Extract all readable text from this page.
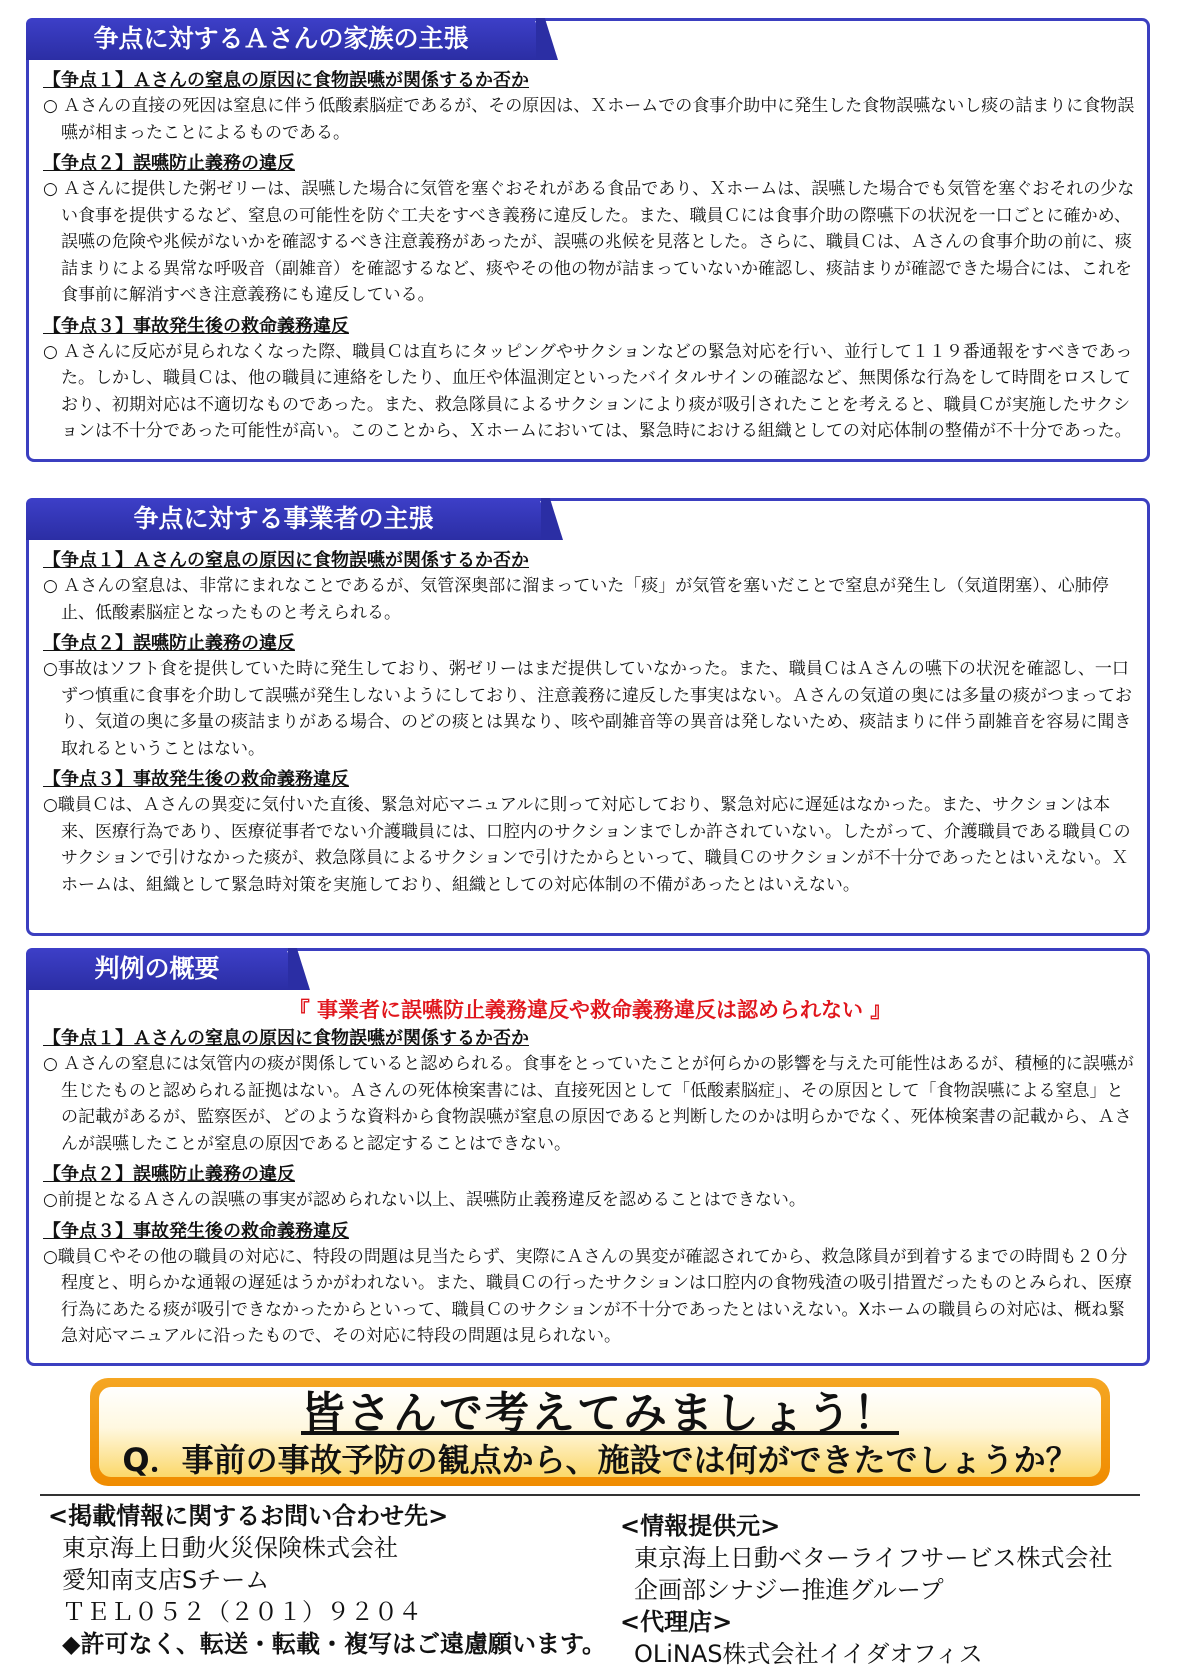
争点に対するＡさんの家族の主張
【争点１】Ａさんの窒息の原因に食物誤嚥が関係するか否か
○ Ａさんの直接の死因は窒息に伴う低酸素脳症であるが、その原因は、Ｘホームでの食事介助中に発生した食物誤嚥ないし痰の詰まりに食物誤嚥が相まったことによるものである。
【争点２】誤嚥防止義務の違反
○ Ａさんに提供した粥ゼリーは、誤嚥した場合に気管を塞ぐおそれがある食品であり、Ｘホームは、誤嚥した場合でも気管を塞ぐおそれの少ない食事を提供するなど、窒息の可能性を防ぐ工夫をすべき義務に違反した。また、職員Ｃには食事介助の際嚥下の状況を一口ごとに確かめ、誤嚥の危険や兆候がないかを確認するべき注意義務があったが、誤嚥の兆候を見落とした。さらに、職員Ｃは、Ａさんの食事介助の前に、痰詰まりによる異常な呼吸音（副雑音）を確認するなど、痰やその他の物が詰まっていないか確認し、痰詰まりが確認できた場合には、これを食事前に解消すべき注意義務にも違反している。
【争点３】事故発生後の救命義務違反
○ Ａさんに反応が見られなくなった際、職員Ｃは直ちにタッピングやサクションなどの緊急対応を行い、並行して１１９番通報をすべきであった。しかし、職員Ｃは、他の職員に連絡をしたり、血圧や体温測定といったバイタルサインの確認など、無関係な行為をして時間をロスしており、初期対応は不適切なものであった。また、救急隊員によるサクションにより痰が吸引されたことを考えると、職員Ｃが実施したサクションは不十分であった可能性が高い。このことから、Ｘホームにおいては、緊急時における組織としての対応体制の整備が不十分であった。
争点に対する事業者の主張
【争点１】Ａさんの窒息の原因に食物誤嚥が関係するか否か
○ Ａさんの窒息は、非常にまれなことであるが、気管深奥部に溜まっていた「痰」が気管を塞いだことで窒息が発生し（気道閉塞）、心肺停止、低酸素脳症となったものと考えられる。
【争点２】誤嚥防止義務の違反
○事故はソフト食を提供していた時に発生しており、粥ゼリーはまだ提供していなかった。また、職員ＣはＡさんの嚥下の状況を確認し、一口ずつ慎重に食事を介助して誤嚥が発生しないようにしており、注意義務に違反した事実はない。Ａさんの気道の奥には多量の痰がつまっており、気道の奥に多量の痰詰まりがある場合、のどの痰とは異なり、咳や副雑音等の異音は発しないため、痰詰まりに伴う副雑音を容易に聞き取れるということはない。
【争点３】事故発生後の救命義務違反
○職員Ｃは、Ａさんの異変に気付いた直後、緊急対応マニュアルに則って対応しており、緊急対応に遅延はなかった。また、サクションは本来、医療行為であり、医療従事者でない介護職員には、口腔内のサクションまでしか許されていない。したがって、介護職員である職員Ｃのサクションで引けなかった痰が、救急隊員によるサクションで引けたからといって、職員Ｃのサクションが不十分であったとはいえない。Ｘホームは、組織として緊急時対策を実施しており、組織としての対応体制の不備があったとはいえない。
判例の概要
『 事業者に誤嚥防止義務違反や救命義務違反は認められない 』
【争点１】Ａさんの窒息の原因に食物誤嚥が関係するか否か
○ Ａさんの窒息には気管内の痰が関係していると認められる。食事をとっていたことが何らかの影響を与えた可能性はあるが、積極的に誤嚥が生じたものと認められる証拠はない。Ａさんの死体検案書には、直接死因として「低酸素脳症」、その原因として「食物誤嚥による窒息」との記載があるが、監察医が、どのような資料から食物誤嚥が窒息の原因であると判断したのかは明らかでなく、死体検案書の記載から、Ａさんが誤嚥したことが窒息の原因であると認定することはできない。
【争点２】誤嚥防止義務の違反
○前提となるＡさんの誤嚥の事実が認められない以上、誤嚥防止義務違反を認めることはできない。
【争点３】事故発生後の救命義務違反
○職員Ｃやその他の職員の対応に、特段の問題は見当たらず、実際にＡさんの異変が確認されてから、救急隊員が到着するまでの時間も２０分程度と、明らかな通報の遅延はうかがわれない。また、職員Ｃの行ったサクションは口腔内の食物残渣の吸引措置だったものとみられ、医療行為にあたる痰が吸引できなかったからといって、職員Ｃのサクションが不十分であったとはいえない。Xホームの職員らの対応は、概ね緊急対応マニュアルに沿ったもので、その対応に特段の問題は見られない。
皆さんで考えてみましょう！
Q．事前の事故予防の観点から、施設では何ができたでしょうか？
<掲載情報に関するお問い合わせ先>
東京海上日動火災保険株式会社
愛知南支店Sチーム
ＴＥＬ０５２（２０１）９２０４
◆許可なく、転送・転載・複写はご遠慮願います。
<情報提供元>
東京海上日動ベターライフサービス株式会社
企画部シナジー推進グループ
<代理店>
OLiNAS株式会社イイダオフィス
